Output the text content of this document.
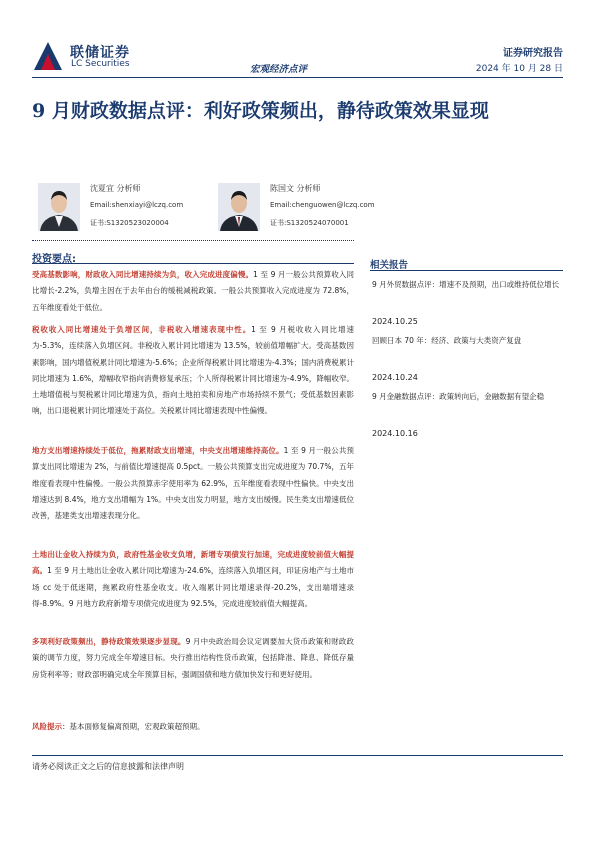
联储证券
LC Securities	宏观经济点评
证券研究报告
2024 年 10 月 28 日
9 月财政数据点评：利好政策频出，静待政策效果显现
沈夏宜 分析师
Email:shenxiayi@lczq.com
证书:S1320523020004
陈国文 分析师
Email:chenguowen@lczq.com
证书:S1320524070001
投资要点:
受高基数影响，财政收入同比增速持续为负，收入完成进度偏慢。1 至 9 月一般公共预算收入同比增长-2.2%，负增主因在于去年由台的缓税减税政策。一般公共预算收入完成进度为 72.8%，五年维度看处于低位。
税收收入同比增速处于负增区间，非税收入增速表现中性。1 至 9 月税收收入同比增速为-5.3%，连续落入负增区间。非税收入累计同比增速为 13.5%，较前值增幅扩大。受高基数因素影响，国内增值税累计同比增速为-5.6%；企业所得税累计同比增速为-4.3%；国内消费税累计同比增速为 1.6%，增幅收窄指向消费修复承压；个人所得税累计同比增速为-4.9%，降幅收窄。土地增值税与契税累计同比增速为负，指向土地拍卖和房地产市场持续不景气；受低基数因素影响，出口退税累计同比增速处于高位。关税累计同比增速表现中性偏慢。
地方支出增速持续处于低位，拖累财政支出增速，中央支出增速维持高位。1 至 9 月一般公共预算支出同比增速为 2%，与前值比增速提高 0.5pct。一般公共预算支出完成进度为 70.7%，五年维度看表现中性偏慢。一般公共预算赤字使用率为 62.9%，五年维度看表现中性偏快。中央支出增速达到 8.4%，地方支出增幅为 1%。中央支出发力明显，地方支出缓慢。民生类支出增速低位改善，基建类支出增速表现分化。
土地出让金收入持续为负，政府性基金收支负增，新增专项债发行加速，完成进度较前值大幅提高。1 至 9 月土地出让金收入累计同比增速为-24.6%，连续落入负增区间，印证房地产与土地市场 cc 处于低迷期，拖累政府性基金收支。收入端累计同比增速录得-20.2%，支出端增速录得-8.9%。9 月地方政府新增专项债完成进度为 92.5%，完成进度较前值大幅提高。
多项利好政策频出，静待政策效果逐步显现。9 月中央政治局会议定调要加大货币政策和财政政策的调节力度，努力完成全年增速目标。央行推出结构性货币政策，包括降准、降息、降低存量房贷利率等；财政部明确完成全年预算目标，强调国债和地方债加快发行和更好使用。
风险提示：基本面修复偏离预期，宏观政策超预期。
相关报告
9 月外贸数据点评：增速不及预期，出口或维持低位增长
2024.10.25
回顾日本 70 年：经济、政策与大类资产复盘
2024.10.24
9 月金融数据点评：政策转向后，金融数据有望企稳
2024.10.16
请务必阅读正文之后的信息披露和法律声明
